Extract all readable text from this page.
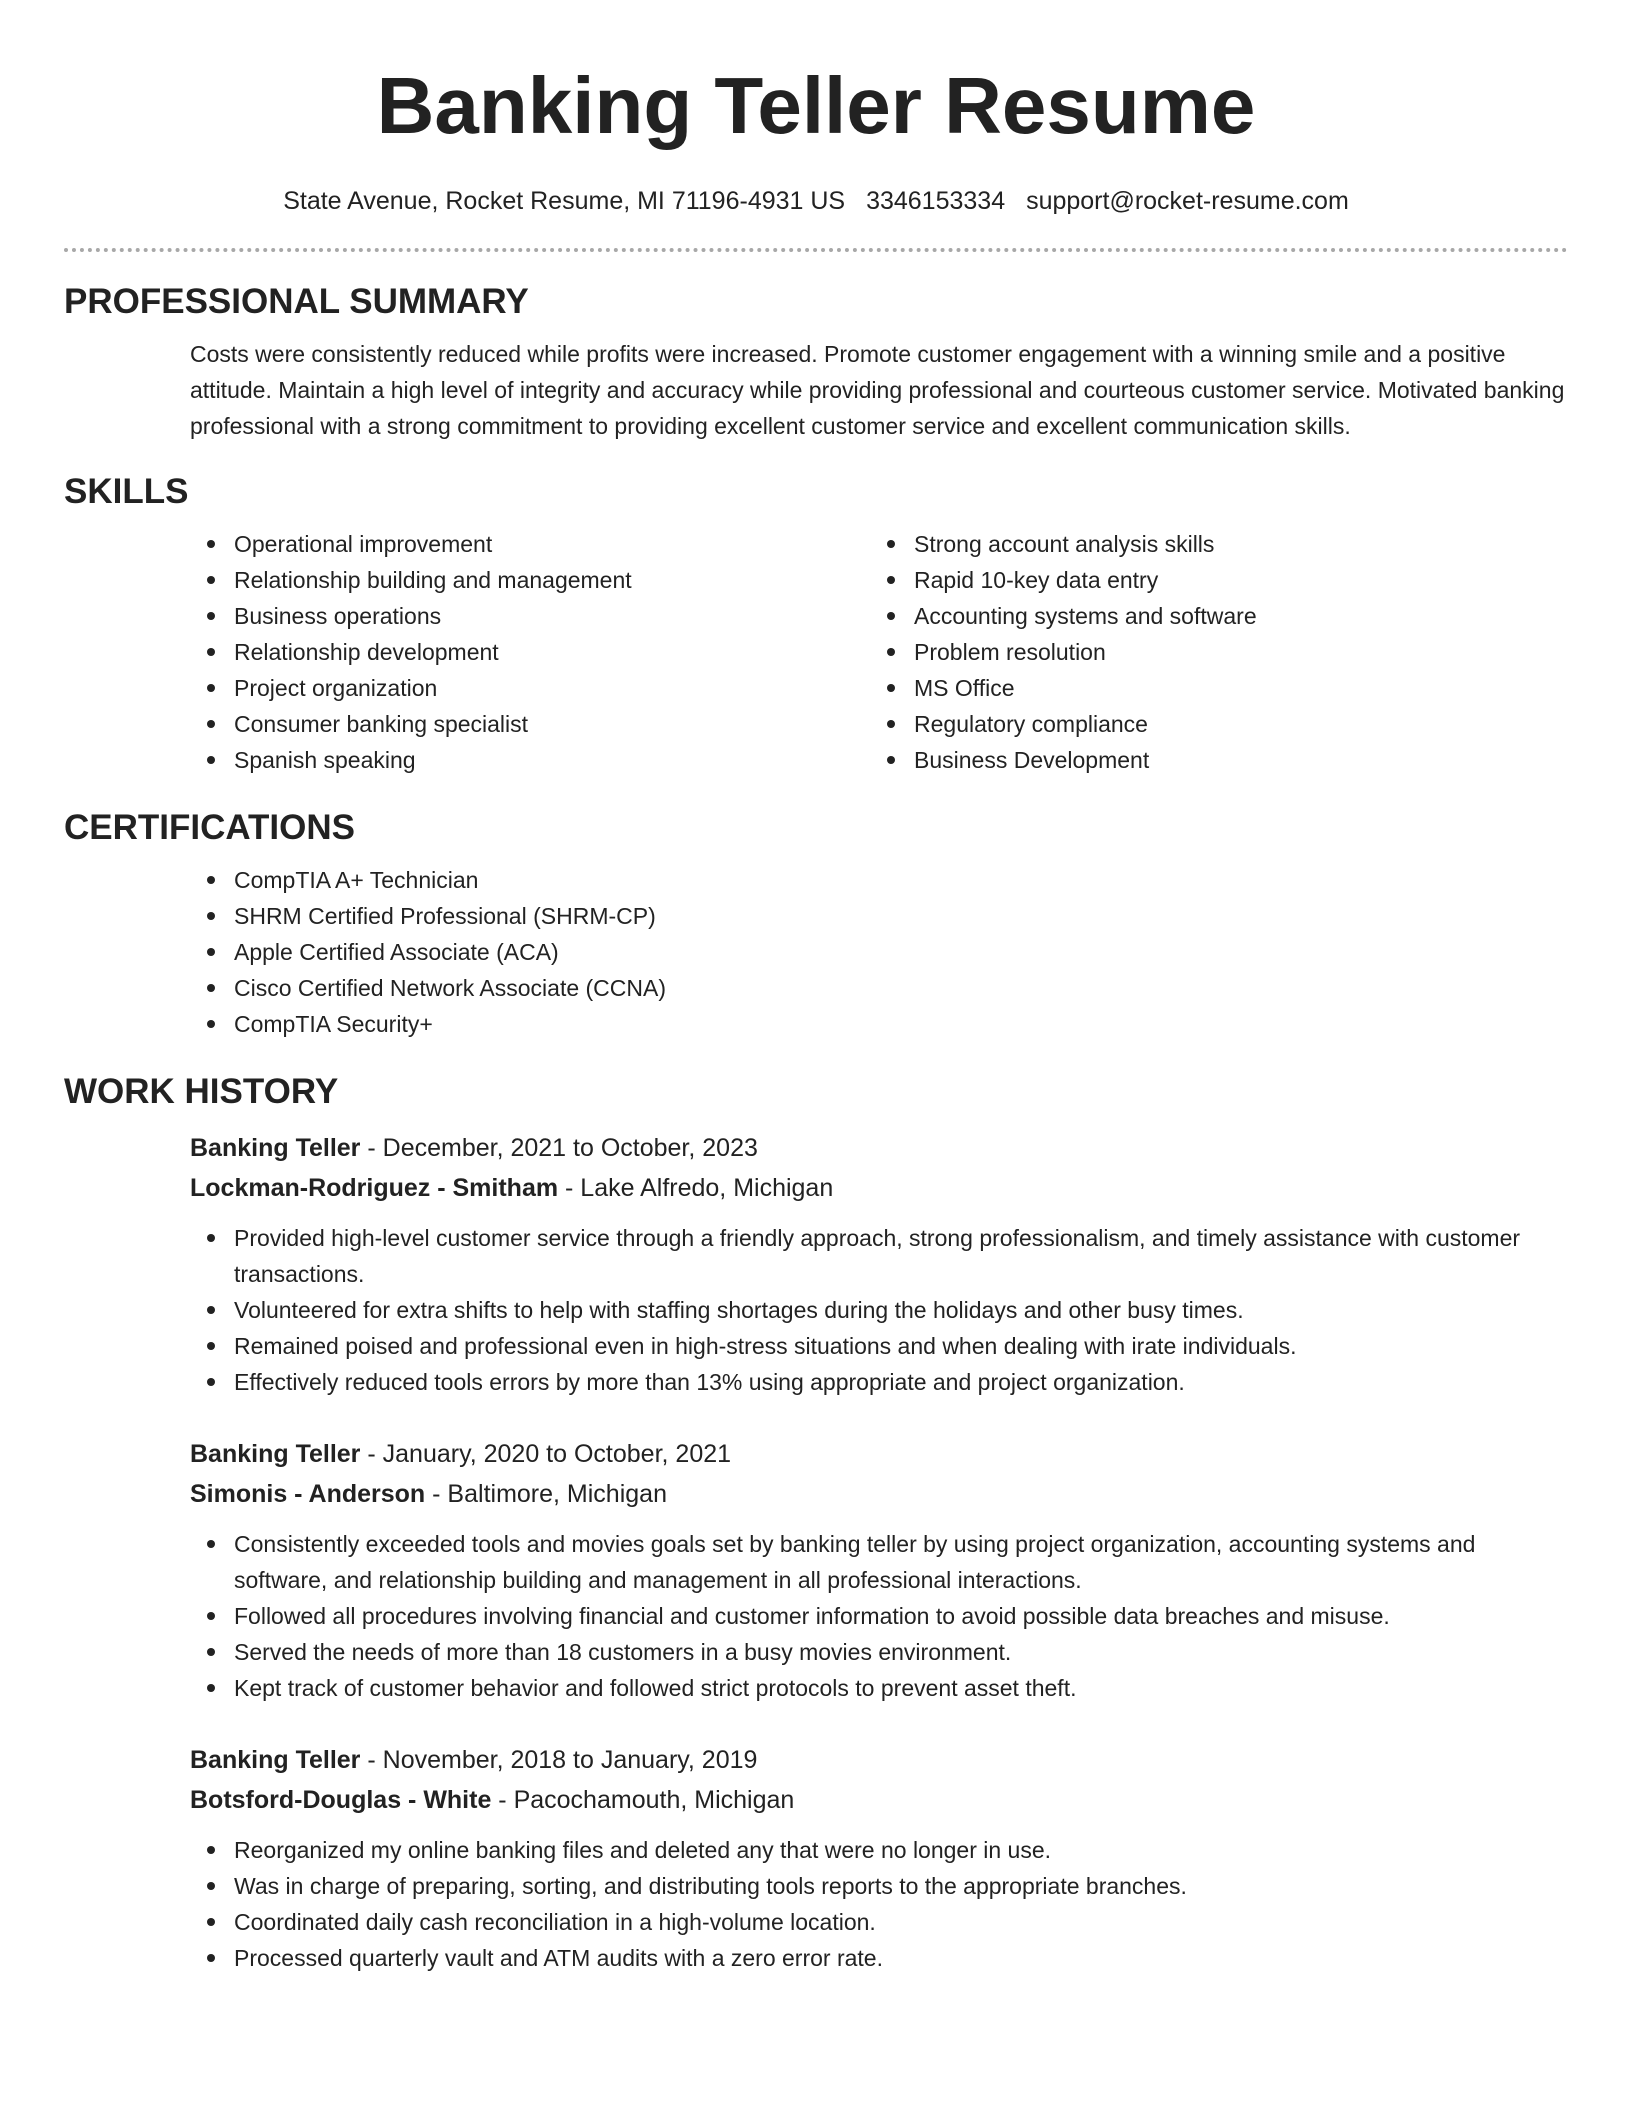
Banking Teller Resume
State Avenue, Rocket Resume, MI 71196-4931 US 3346153334 support@rocket-resume.com
PROFESSIONAL SUMMARY

Costs were consistently reduced while profits were increased. Promote customer engagement with a winning smile and a positive attitude. Maintain a high level of integrity and accuracy while providing professional and courteous customer service. Motivated banking professional with a strong commitment to providing excellent customer service and excellent communication skills.

SKILLS
Operational improvement
Relationship building and management
Business operations
Relationship development
Project organization
Consumer banking specialist
Spanish speaking
Strong account analysis skills
Rapid 10-key data entry
Accounting systems and software
Problem resolution
MS Office
Regulatory compliance
Business Development
CERTIFICATIONS
CompTIA A+ Technician
SHRM Certified Professional (SHRM-CP)
Apple Certified Associate (ACA)
Cisco Certified Network Associate (CCNA)
CompTIA Security+
WORK HISTORY
Banking Teller - December, 2021 to October, 2023
Lockman-Rodriguez - Smitham - Lake Alfredo, Michigan
Provided high-level customer service through a friendly approach, strong professionalism, and timely assistance with customer transactions.
Volunteered for extra shifts to help with staffing shortages during the holidays and other busy times.
Remained poised and professional even in high-stress situations and when dealing with irate individuals.
Effectively reduced tools errors by more than 13% using appropriate and project organization.
Banking Teller - January, 2020 to October, 2021
Simonis - Anderson - Baltimore, Michigan
Consistently exceeded tools and movies goals set by banking teller by using project organization, accounting systems and software, and relationship building and management in all professional interactions.
Followed all procedures involving financial and customer information to avoid possible data breaches and misuse.
Served the needs of more than 18 customers in a busy movies environment.
Kept track of customer behavior and followed strict protocols to prevent asset theft.
Banking Teller - November, 2018 to January, 2019
Botsford-Douglas - White - Pacochamouth, Michigan
Reorganized my online banking files and deleted any that were no longer in use.
Was in charge of preparing, sorting, and distributing tools reports to the appropriate branches.
Coordinated daily cash reconciliation in a high-volume location.
Processed quarterly vault and ATM audits with a zero error rate.
